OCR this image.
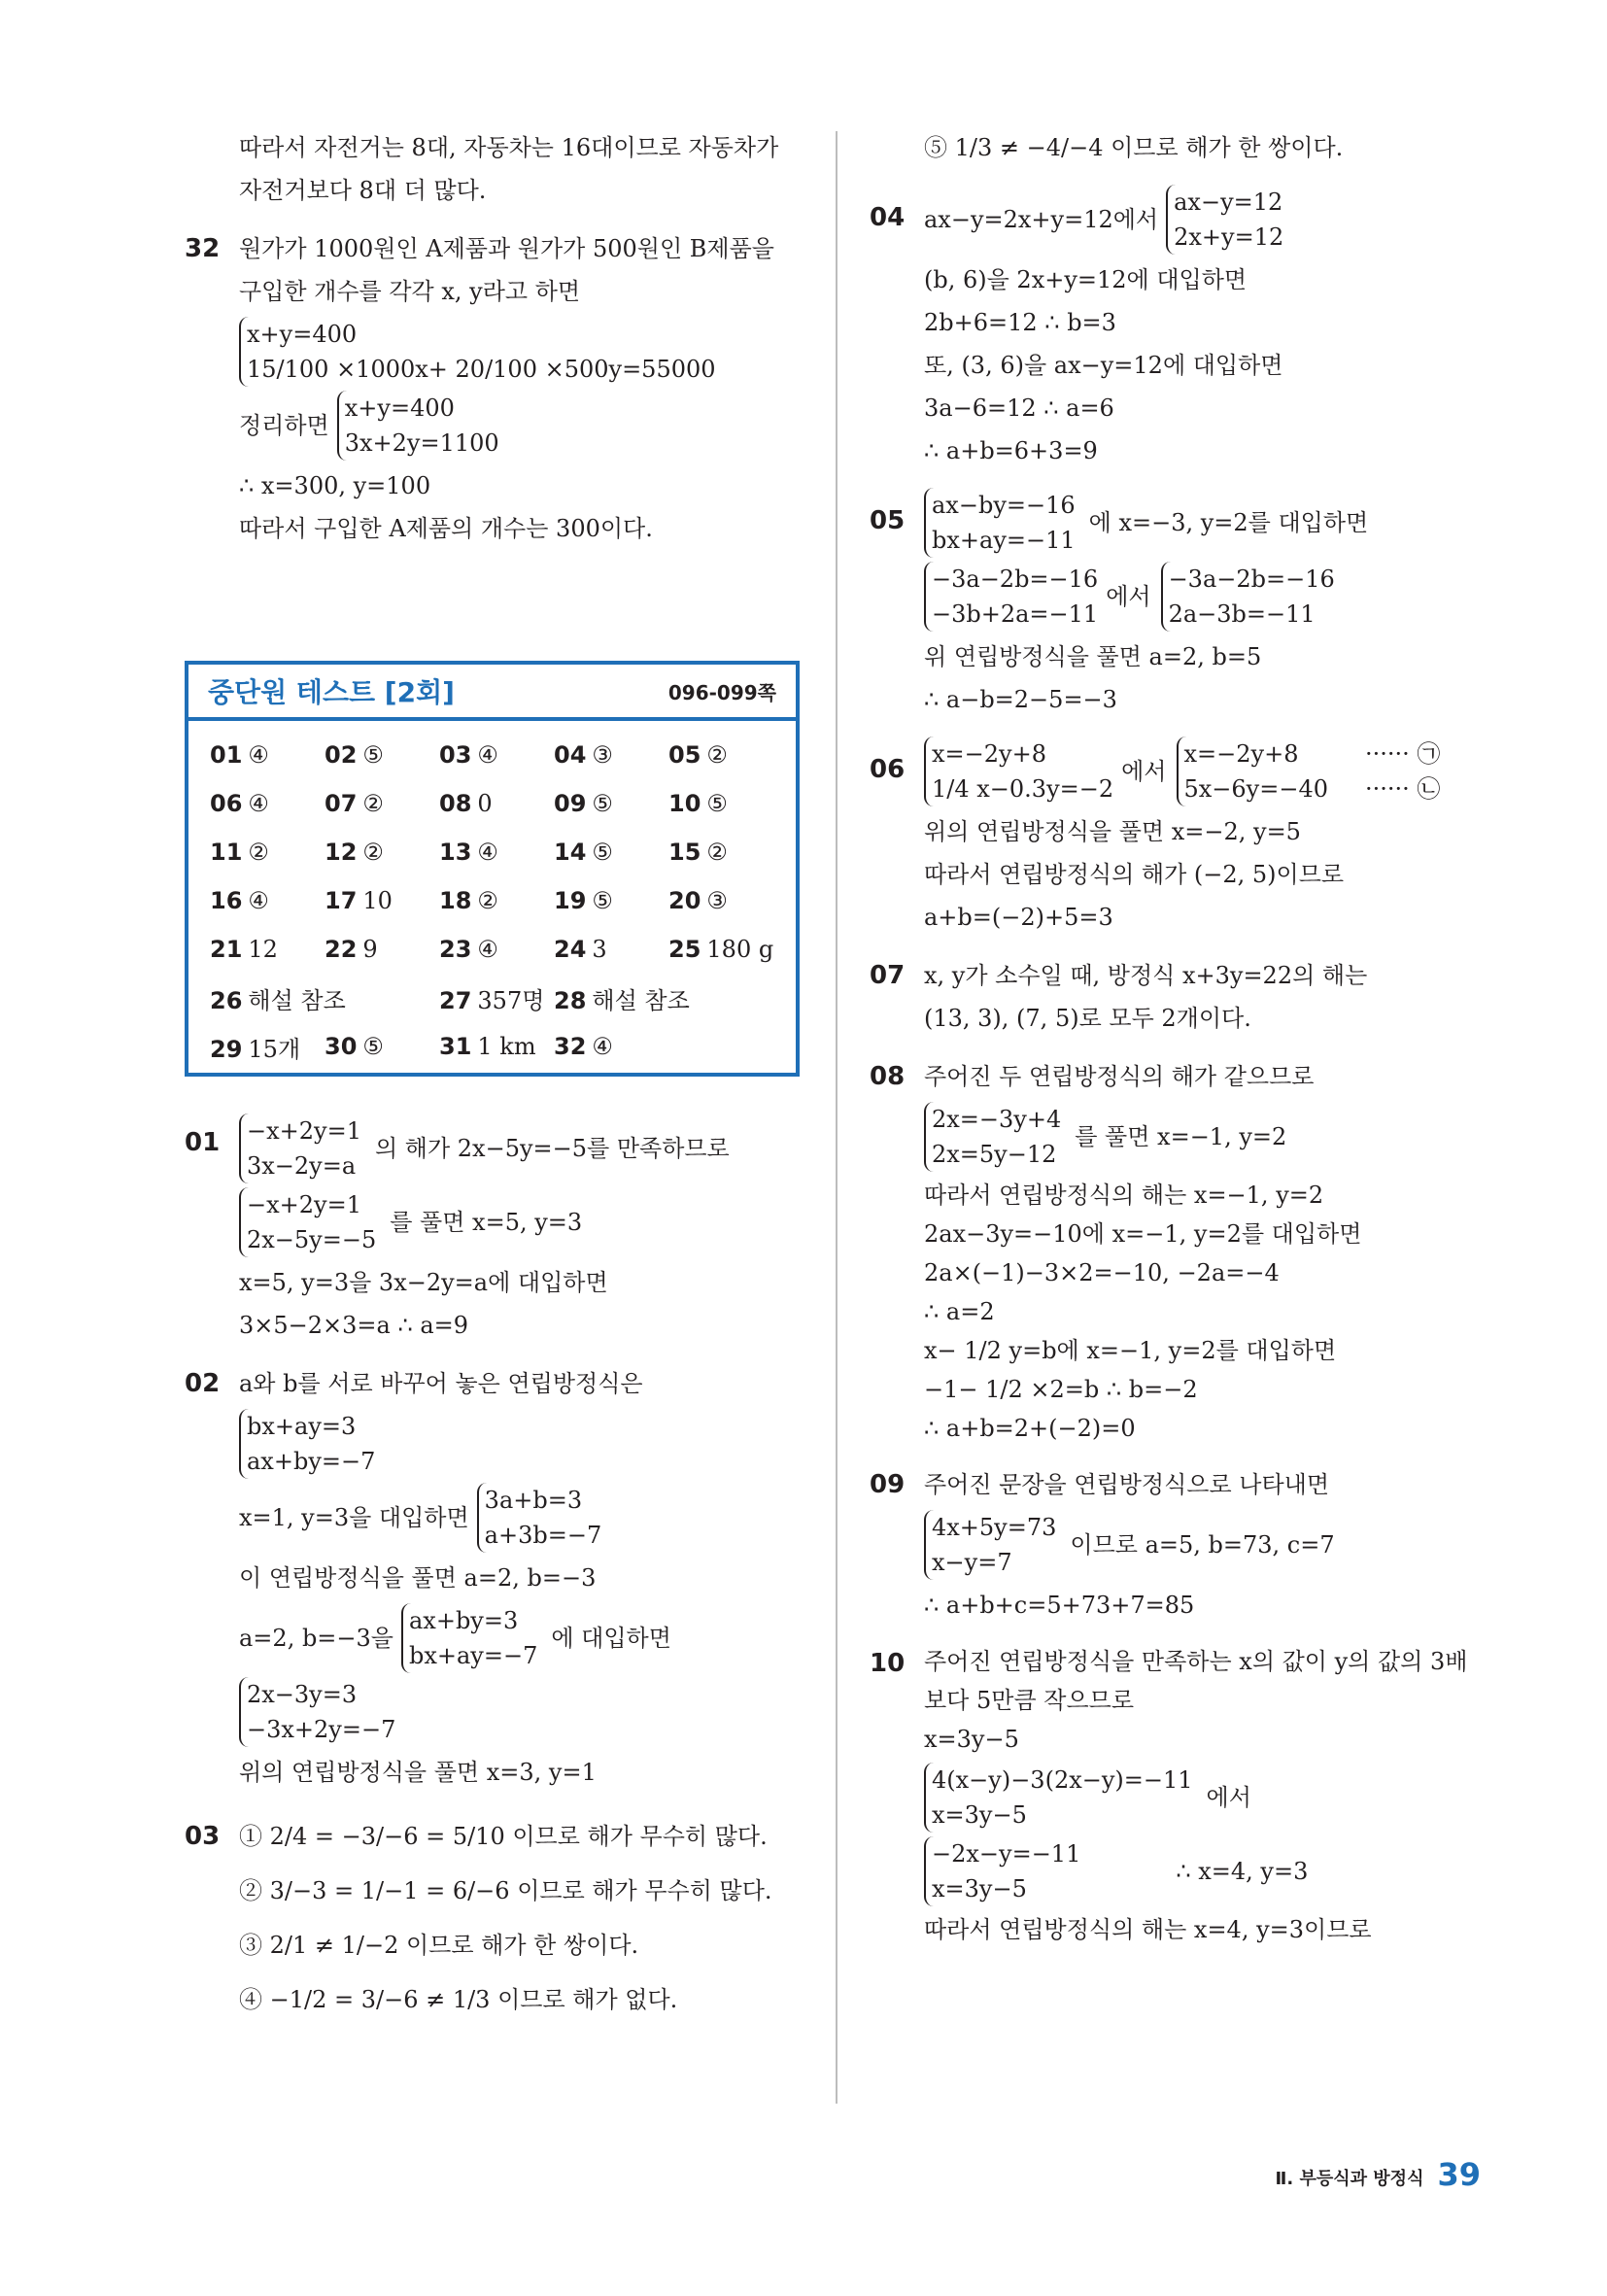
따라서 자전거는 8대, 자동차는 16대이므로 자동차가
자전거보다 8대 더 많다.
32 원가가 1000원인 A제품과 원가가 500원인 B제품을
구입한 개수를 각각 x, y라고 하면
x+y=400
15/100 ×1000x+ 20/100 ×500y=55000
정리하면
x+y=400
3x+2y=1100
∴ x=300, y=100
따라서 구입한 A제품의 개수는 300이다.
중단원 테스트 [2회]	096-099쪽
01 ④	02 ⑤	03 ④	04 ③	05 ②
06 ④	07 ②	08 0	09 ⑤	10 ⑤
11 ②	12 ②	13 ④	14 ⑤	15 ②
16 ④	17 10	18 ②	19 ⑤	20 ③
21 12	22 9	23 ④	24 3	25 180 g
26 해설 참조	27 357명 28 해설 참조
29 15개	30 ⑤	31 1 km 32 ④
01 −x+2y=1
3x−2y=a
의 해가 2x−5y=−5를 만족하므로
−x+2y=1
2x−5y=−5
를 풀면 x=5, y=3
x=5, y=3을 3x−2y=a에 대입하면
3×5−2×3=a ∴ a=9
02 a와 b를 서로 바꾸어 놓은 연립방정식은
bx+ay=3
ax+by=−7
x=1, y=3을 대입하면
3a+b=3
a+3b=−7
이 연립방정식을 풀면 a=2, b=−3
a=2, b=−3을
ax+by=3
bx+ay=−7
에 대입하면
2x−3y=3
−3x+2y=−7
위의 연립방정식을 풀면 x=3, y=1
03 ① 2/4 = −3/−6 = 5/10 이므로 해가 무수히 많다.
② 3/−3 = 1/−1 = 6/−6 이므로 해가 무수히 많다.
③ 2/1 ≠ 1/−2 이므로 해가 한 쌍이다.
④ −1/2 = 3/−6 ≠ 1/3 이므로 해가 없다.
⑤ 1/3 ≠ −4/−4 이므로 해가 한 쌍이다.
04 ax−y=2x+y=12에서
ax−y=12
2x+y=12
(b, 6)을 2x+y=12에 대입하면
2b+6=12 ∴ b=3
또, (3, 6)을 ax−y=12에 대입하면
3a−6=12 ∴ a=6
∴ a+b=6+3=9
05
ax−by=−16
bx+ay=−11
에 x=−3, y=2를 대입하면
−3a−2b=−16
−3b+2a=−11
에서
−3a−2b=−16
2a−3b=−11
위 연립방정식을 풀면 a=2, b=5
∴ a−b=2−5=−3
06
x=−2y+8
1/4 x−0.3y=−2
에서
x=−2y+8
5x−6y=−40
······ ㉠
······ ㉡
위의 연립방정식을 풀면 x=−2, y=5
따라서 연립방정식의 해가 (−2, 5)이므로
a+b=(−2)+5=3
07 x, y가 소수일 때, 방정식 x+3y=22의 해는
(13, 3), (7, 5)로 모두 2개이다.
08 주어진 두 연립방정식의 해가 같으므로
2x=−3y+4
2x=5y−12
를 풀면 x=−1, y=2
따라서 연립방정식의 해는 x=−1, y=2
2ax−3y=−10에 x=−1, y=2를 대입하면
2a×(−1)−3×2=−10, −2a=−4
∴ a=2
x− 1/2 y=b에 x=−1, y=2를 대입하면
−1− 1/2 ×2=b ∴ b=−2
∴ a+b=2+(−2)=0
09 주어진 문장을 연립방정식으로 나타내면
4x+5y=73
x−y=7
이므로 a=5, b=73, c=7
∴ a+b+c=5+73+7=85
10 주어진 연립방정식을 만족하는 x의 값이 y의 값의 3배
보다 5만큼 작으므로
x=3y−5
4(x−y)−3(2x−y)=−11
x=3y−5
에서
−2x−y=−11
x=3y−5
∴ x=4, y=3
따라서 연립방정식의 해는 x=4, y=3이므로
Ⅱ. 부등식과 방정식 39
